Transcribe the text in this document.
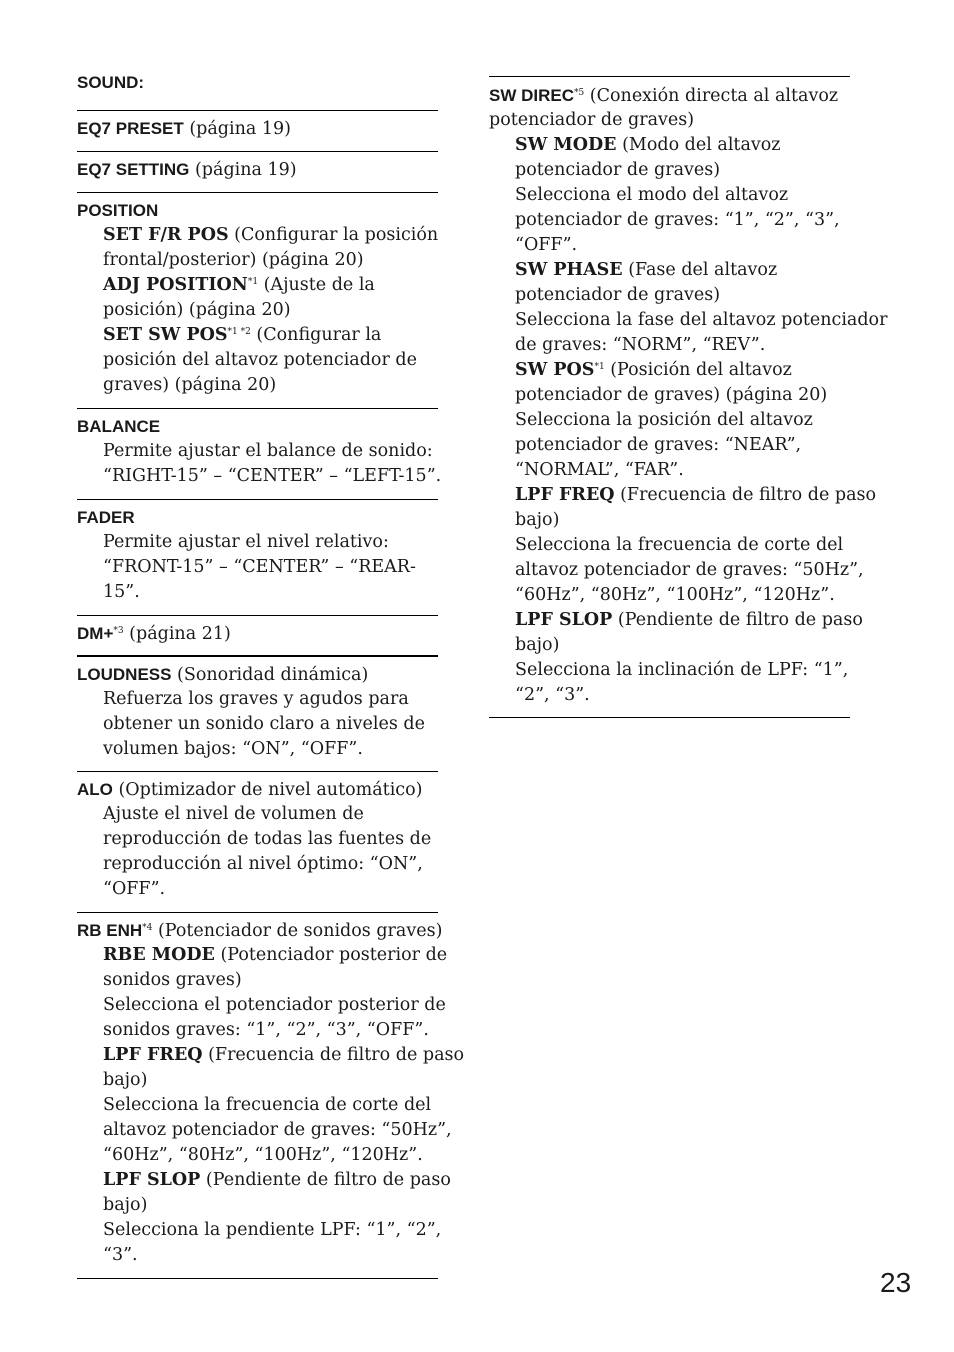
SOUND:
EQ7 PRESET (página 19)
EQ7 SETTING (página 19)
POSITION
SET F/R POS (Configurar la posición
frontal/posterior) (página 20)
ADJ POSITION$^{*1}$ (Ajuste de la
posición) (página 20)
SET SW $POS^{*1 *2}$ (Configurar la
posición del altavoz potenciador de
graves) (página 20)
BALANCE
Permite ajustar el balance de sonido:
“RIGHT-15” – “CENTER” – “LEFT-15”.
FADER
Permite ajustar el nivel relativo:
“FRONT-15” – “CENTER” – “REAR-
15”.
DM+$^{*3}$ (página 21)
LOUDNESS (Sonoridad dinámica)
Refuerza los graves y agudos para
obtener un sonido claro a niveles de
volumen bajos: “ON”, “OFF”.
ALO (Optimizador de nivel automático)
Ajuste el nivel de volumen de
reproducción de todas las fuentes de
reproducción al nivel óptimo: “ON”,
“OFF”.
RB ENH$^{*4}$ (Potenciador de sonidos graves)
RBE MODE (Potenciador posterior de
sonidos graves)
Selecciona el potenciador posterior de
sonidos graves: “1”, “2”, “3”, “OFF”.
LPF FREQ (Frecuencia de filtro de paso
bajo)
Selecciona la frecuencia de corte del
altavoz potenciador de graves: “50Hz”,
“60Hz”, “80Hz”, “100Hz”, “120Hz”.
LPF SLOP (Pendiente de filtro de paso
bajo)
Selecciona la pendiente LPF: “1”, “2”,
“3”.
SW DIREC$^{*5}$ (Conexión directa al altavoz
potenciador de graves)
SW MODE (Modo del altavoz
potenciador de graves)
Selecciona el modo del altavoz
potenciador de graves: “1”, “2”, “3”,
“OFF”.
SW PHASE (Fase del altavoz
potenciador de graves)
Selecciona la fase del altavoz potenciador
de graves: “NORM”, “REV”.
SW POS$^{*1}$ (Posición del altavoz
potenciador de graves) (página 20)
Selecciona la posición del altavoz
potenciador de graves: “NEAR”,
“NORMAL”, “FAR”.
LPF FREQ (Frecuencia de filtro de paso
bajo)
Selecciona la frecuencia de corte del
altavoz potenciador de graves: “50Hz”,
“60Hz”, “80Hz”, “100Hz”, “120Hz”.
LPF SLOP (Pendiente de filtro de paso
bajo)
Selecciona la inclinación de LPF: “1”,
“2”, “3”.
23
